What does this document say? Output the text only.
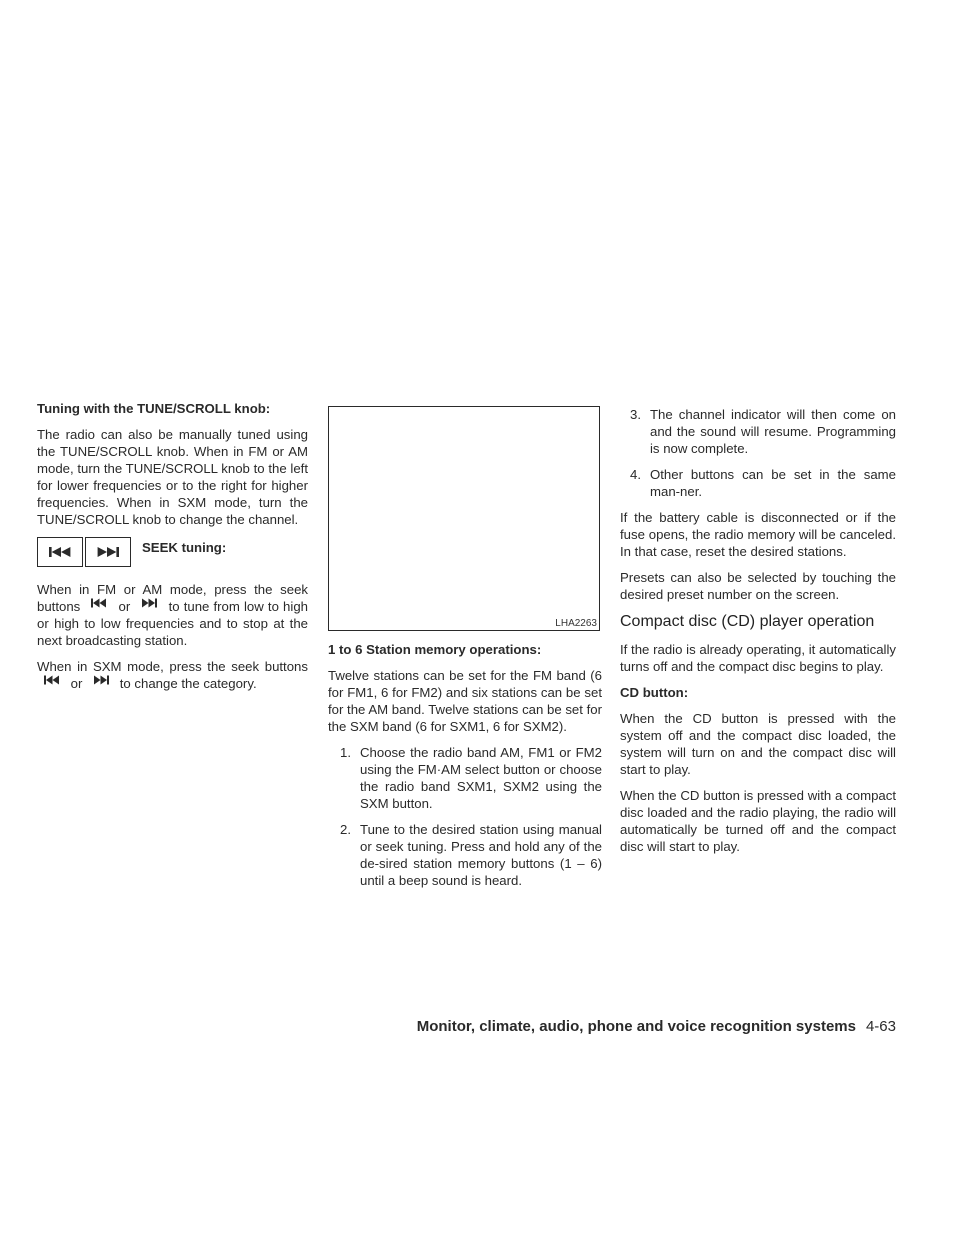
Tuning with the TUNE/SCROLL knob:

The radio can also be manually tuned using the TUNE/SCROLL knob. When in FM or AM mode, turn the TUNE/SCROLL knob to the left for lower frequencies or to the right for higher frequencies. When in SXM mode, turn the TUNE/SCROLL knob to change the channel.

SEEK tuning:

When in FM or AM mode, press the seek buttons	or	to tune from low to high or high to low frequencies and to stop at the next broadcasting station.

When in SXM mode, press the seek buttons  or	to change the category.

LHA2263

1 to 6 Station memory operations:

Twelve stations can be set for the FM band (6 for FM1, 6 for FM2) and six stations can be set for the AM band. Twelve stations can be set for the SXM band (6 for SXM1, 6 for SXM2).

1. Choose the radio band AM, FM1 or FM2 using the FM·AM select button or choose the radio band SXM1, SXM2 using the SXM button.
2. Tune to the desired station using manual or seek tuning. Press and hold any of the de-sired station memory buttons (1 – 6) until a beep sound is heard.
3. The channel indicator will then come on and the sound will resume. Programming is now complete.
4. Other buttons can be set in the same man-ner.

If the battery cable is disconnected or if the fuse opens, the radio memory will be canceled. In that case, reset the desired stations.

Presets can also be selected by touching the desired preset number on the screen.

Compact disc (CD) player operation

If the radio is already operating, it automatically turns off and the compact disc begins to play.

CD button:

When the CD button is pressed with the system off and the compact disc loaded, the system will turn on and the compact disc will start to play.

When the CD button is pressed with a compact disc loaded and the radio playing, the radio will automatically be turned off and the compact disc will start to play.

Monitor, climate, audio, phone and voice recognition systems 4-63
